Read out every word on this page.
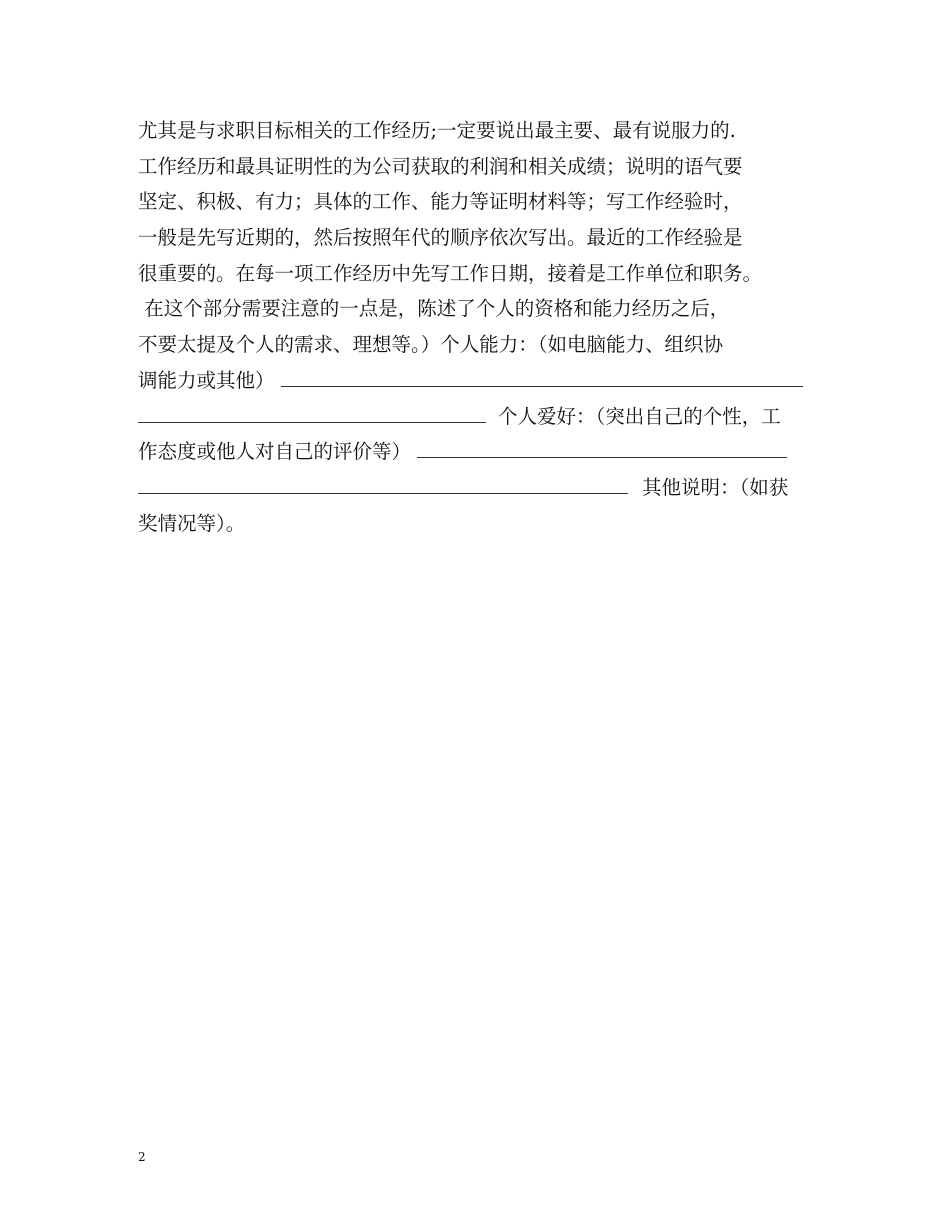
尤其是与求职目标相关的工作经历;一定要说出最主要、最有说服力的.
工作经历和最具证明性的为公司获取的利润和相关成绩；说明的语气要
坚定、积极、有力；具体的工作、能力等证明材料等；写工作经验时，
一般是先写近期的，然后按照年代的顺序依次写出。最近的工作经验是
很重要的。在每一项工作经历中先写工作日期，接着是工作单位和职务。
在这个部分需要注意的一点是，陈述了个人的资格和能力经历之后，
不要太提及个人的需求、理想等。）个人能力：（如电脑能力、组织协
调能力或其他）
个人爱好：（突出自己的个性，工
作态度或他人对自己的评价等）
其他说明：（如获
奖情况等）。
2
